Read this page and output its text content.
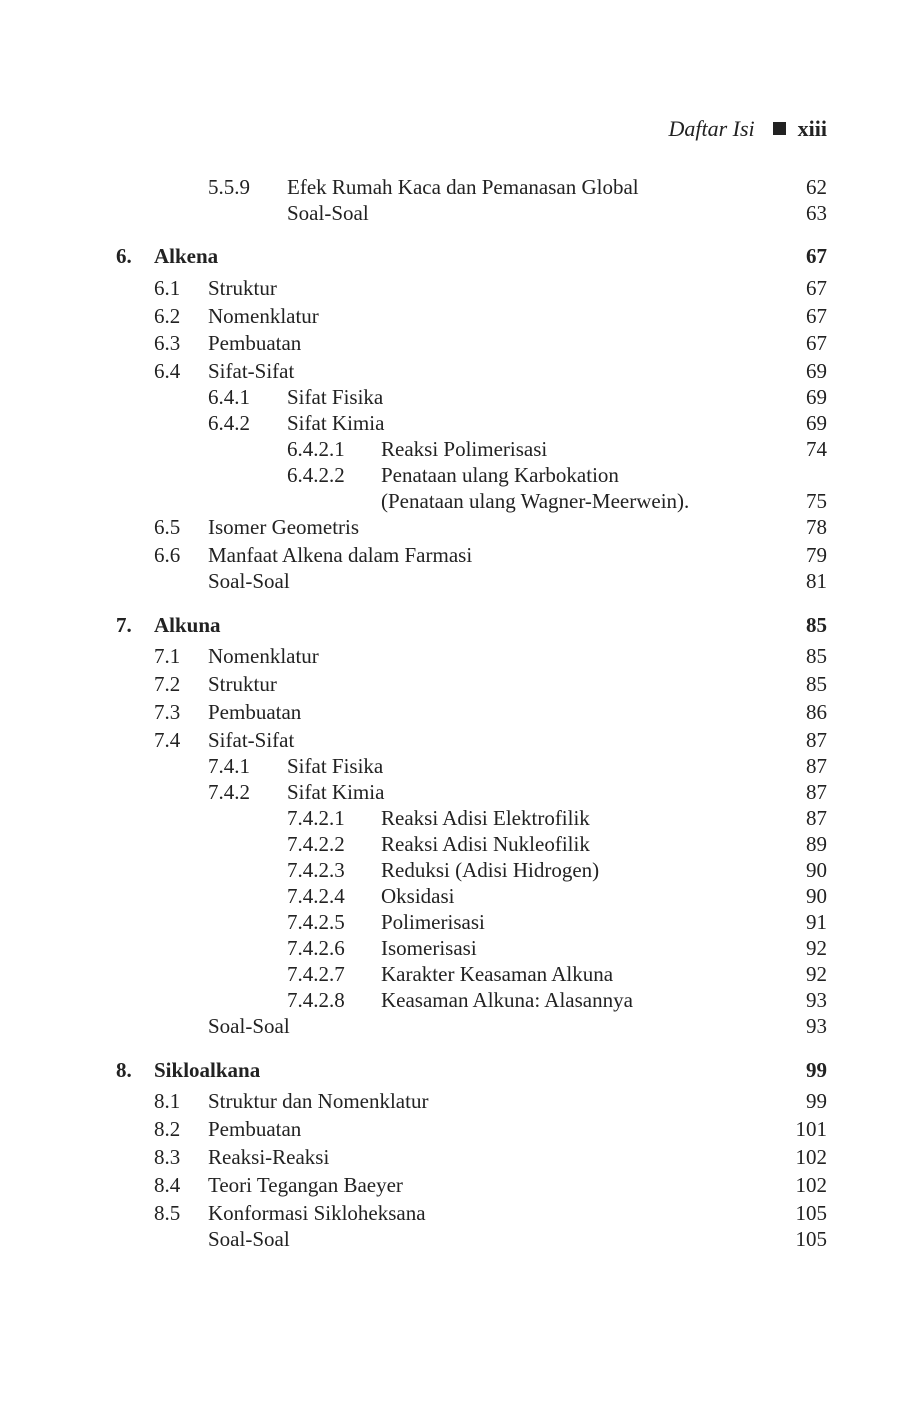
Daftar Isi xiii
5.5.9 Efek Rumah Kaca dan Pemanasan Global	62
Soal-Soal	63
6. Alkena	67
6.1 Struktur	67
6.2 Nomenklatur	67
6.3 Pembuatan	67
6.4 Sifat-Sifat	69
6.4.1 Sifat Fisika	69
6.4.2 Sifat Kimia	69
6.4.2.1 Reaksi Polimerisasi	74
6.4.2.2 Penataan ulang Karbokation
(Penataan ulang Wagner-Meerwein).	75
6.5 Isomer Geometris	78
6.6 Manfaat Alkena dalam Farmasi	79
Soal-Soal	81
7. Alkuna	85
7.1 Nomenklatur	85
7.2 Struktur	85
7.3 Pembuatan	86
7.4 Sifat-Sifat	87
7.4.1 Sifat Fisika	87
7.4.2 Sifat Kimia	87
7.4.2.1 Reaksi Adisi Elektrofilik	87
7.4.2.2 Reaksi Adisi Nukleofilik	89
7.4.2.3 Reduksi (Adisi Hidrogen)	90
7.4.2.4 Oksidasi	90
7.4.2.5 Polimerisasi	91
7.4.2.6 Isomerisasi	92
7.4.2.7 Karakter Keasaman Alkuna	92
7.4.2.8 Keasaman Alkuna: Alasannya	93
Soal-Soal	93
8. Sikloalkana	99
8.1 Struktur dan Nomenklatur	99
8.2 Pembuatan	101
8.3 Reaksi-Reaksi	102
8.4 Teori Tegangan Baeyer	102
8.5 Konformasi Sikloheksana	105
Soal-Soal	105
